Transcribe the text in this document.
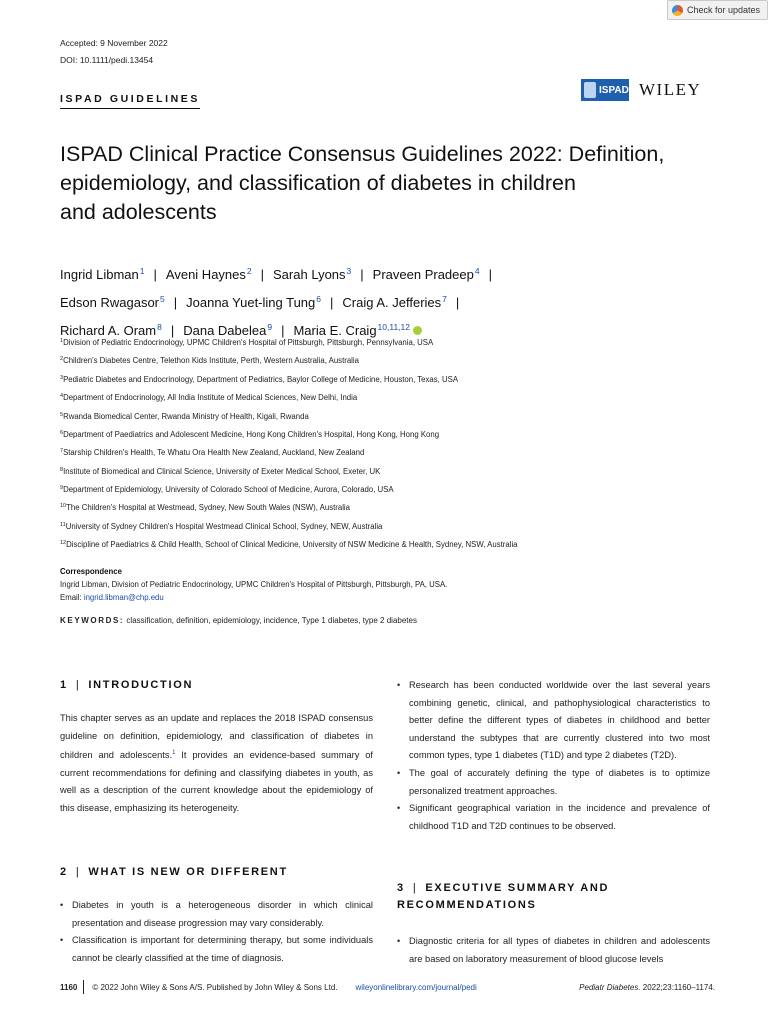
Check for updates
Accepted: 9 November 2022
DOI: 10.1111/pedi.13454
ISPAD GUIDELINES
ISPAD WILEY
ISPAD Clinical Practice Consensus Guidelines 2022: Definition,
epidemiology, and classification of diabetes in children
and adolescents
Ingrid Libman$^1$ | Aveni Haynes$^2$ | Sarah Lyons$^3$ | Praveen Pradeep$^4$ |
Edson Rwagasor$^5$ | Joanna Yuet-ling Tung$^6$ | Craig A. Jefferies$^7$ |
Richard A. Oram$^8$ | Dana Dabelea$^9$ | Maria E. Craig$^{10,11,12}$
$^1$Division of Pediatric Endocrinology, UPMC Children's Hospital of Pittsburgh, Pittsburgh, Pennsylvania, USA
$^2$Children's Diabetes Centre, Telethon Kids Institute, Perth, Western Australia, Australia
$^3$Pediatric Diabetes and Endocrinology, Department of Pediatrics, Baylor College of Medicine, Houston, Texas, USA
$^4$Department of Endocrinology, All India Institute of Medical Sciences, New Delhi, India
$^5$Rwanda Biomedical Center, Rwanda Ministry of Health, Kigali, Rwanda
$^6$Department of Paediatrics and Adolescent Medicine, Hong Kong Children's Hospital, Hong Kong, Hong Kong
$^7$Starship Children's Health, Te Whatu Ora Health New Zealand, Auckland, New Zealand
$^8$Institute of Biomedical and Clinical Science, University of Exeter Medical School, Exeter, UK
$^9$Department of Epidemiology, University of Colorado School of Medicine, Aurora, Colorado, USA
$^{10}$The Children's Hospital at Westmead, Sydney, New South Wales (NSW), Australia
$^{11}$University of Sydney Children's Hospital Westmead Clinical School, Sydney, NEW, Australia
$^{12}$Discipline of Paediatrics & Child Health, School of Clinical Medicine, University of NSW Medicine & Health, Sydney, NSW, Australia
Correspondence
Ingrid Libman, Division of Pediatric Endocrinology, UPMC Children's Hospital of Pittsburgh, Pittsburgh, PA, USA.
Email: ingrid.libman@chp.edu
KEYWORDS: classification, definition, epidemiology, incidence, Type 1 diabetes, type 2 diabetes
1 | INTRODUCTION
This chapter serves as an update and replaces the 2018 ISPAD consensus guideline on definition, epidemiology, and classification of diabetes in children and adolescents.$^1$ It provides an evidence-based summary of current recommendations for defining and classifying diabetes in youth, as well as a description of the current knowledge about the epidemiology of this disease, emphasizing its heterogeneity.
2 | WHAT IS NEW OR DIFFERENT
• Diabetes in youth is a heterogeneous disorder in which clinical presentation and disease progression may vary considerably.
• Classification is important for determining therapy, but some individuals cannot be clearly classified at the time of diagnosis.
• Research has been conducted worldwide over the last several years combining genetic, clinical, and pathophysiological characteristics to better define the different types of diabetes in childhood and better understand the subtypes that are currently clustered into two most common types, type 1 diabetes (T1D) and type 2 diabetes (T2D).
• The goal of accurately defining the type of diabetes is to optimize personalized treatment approaches.
• Significant geographical variation in the incidence and prevalence of childhood T1D and T2D continues to be observed.
3 | EXECUTIVE SUMMARY AND
RECOMMENDATIONS
• Diagnostic criteria for all types of diabetes in children and adolescents are based on laboratory measurement of blood glucose levels
1160 © 2022 John Wiley & Sons A/S. Published by John Wiley & Sons Ltd. wileyonlinelibrary.com/journal/pedi	Pediatr Diabetes. 2022;23:1160–1174.
